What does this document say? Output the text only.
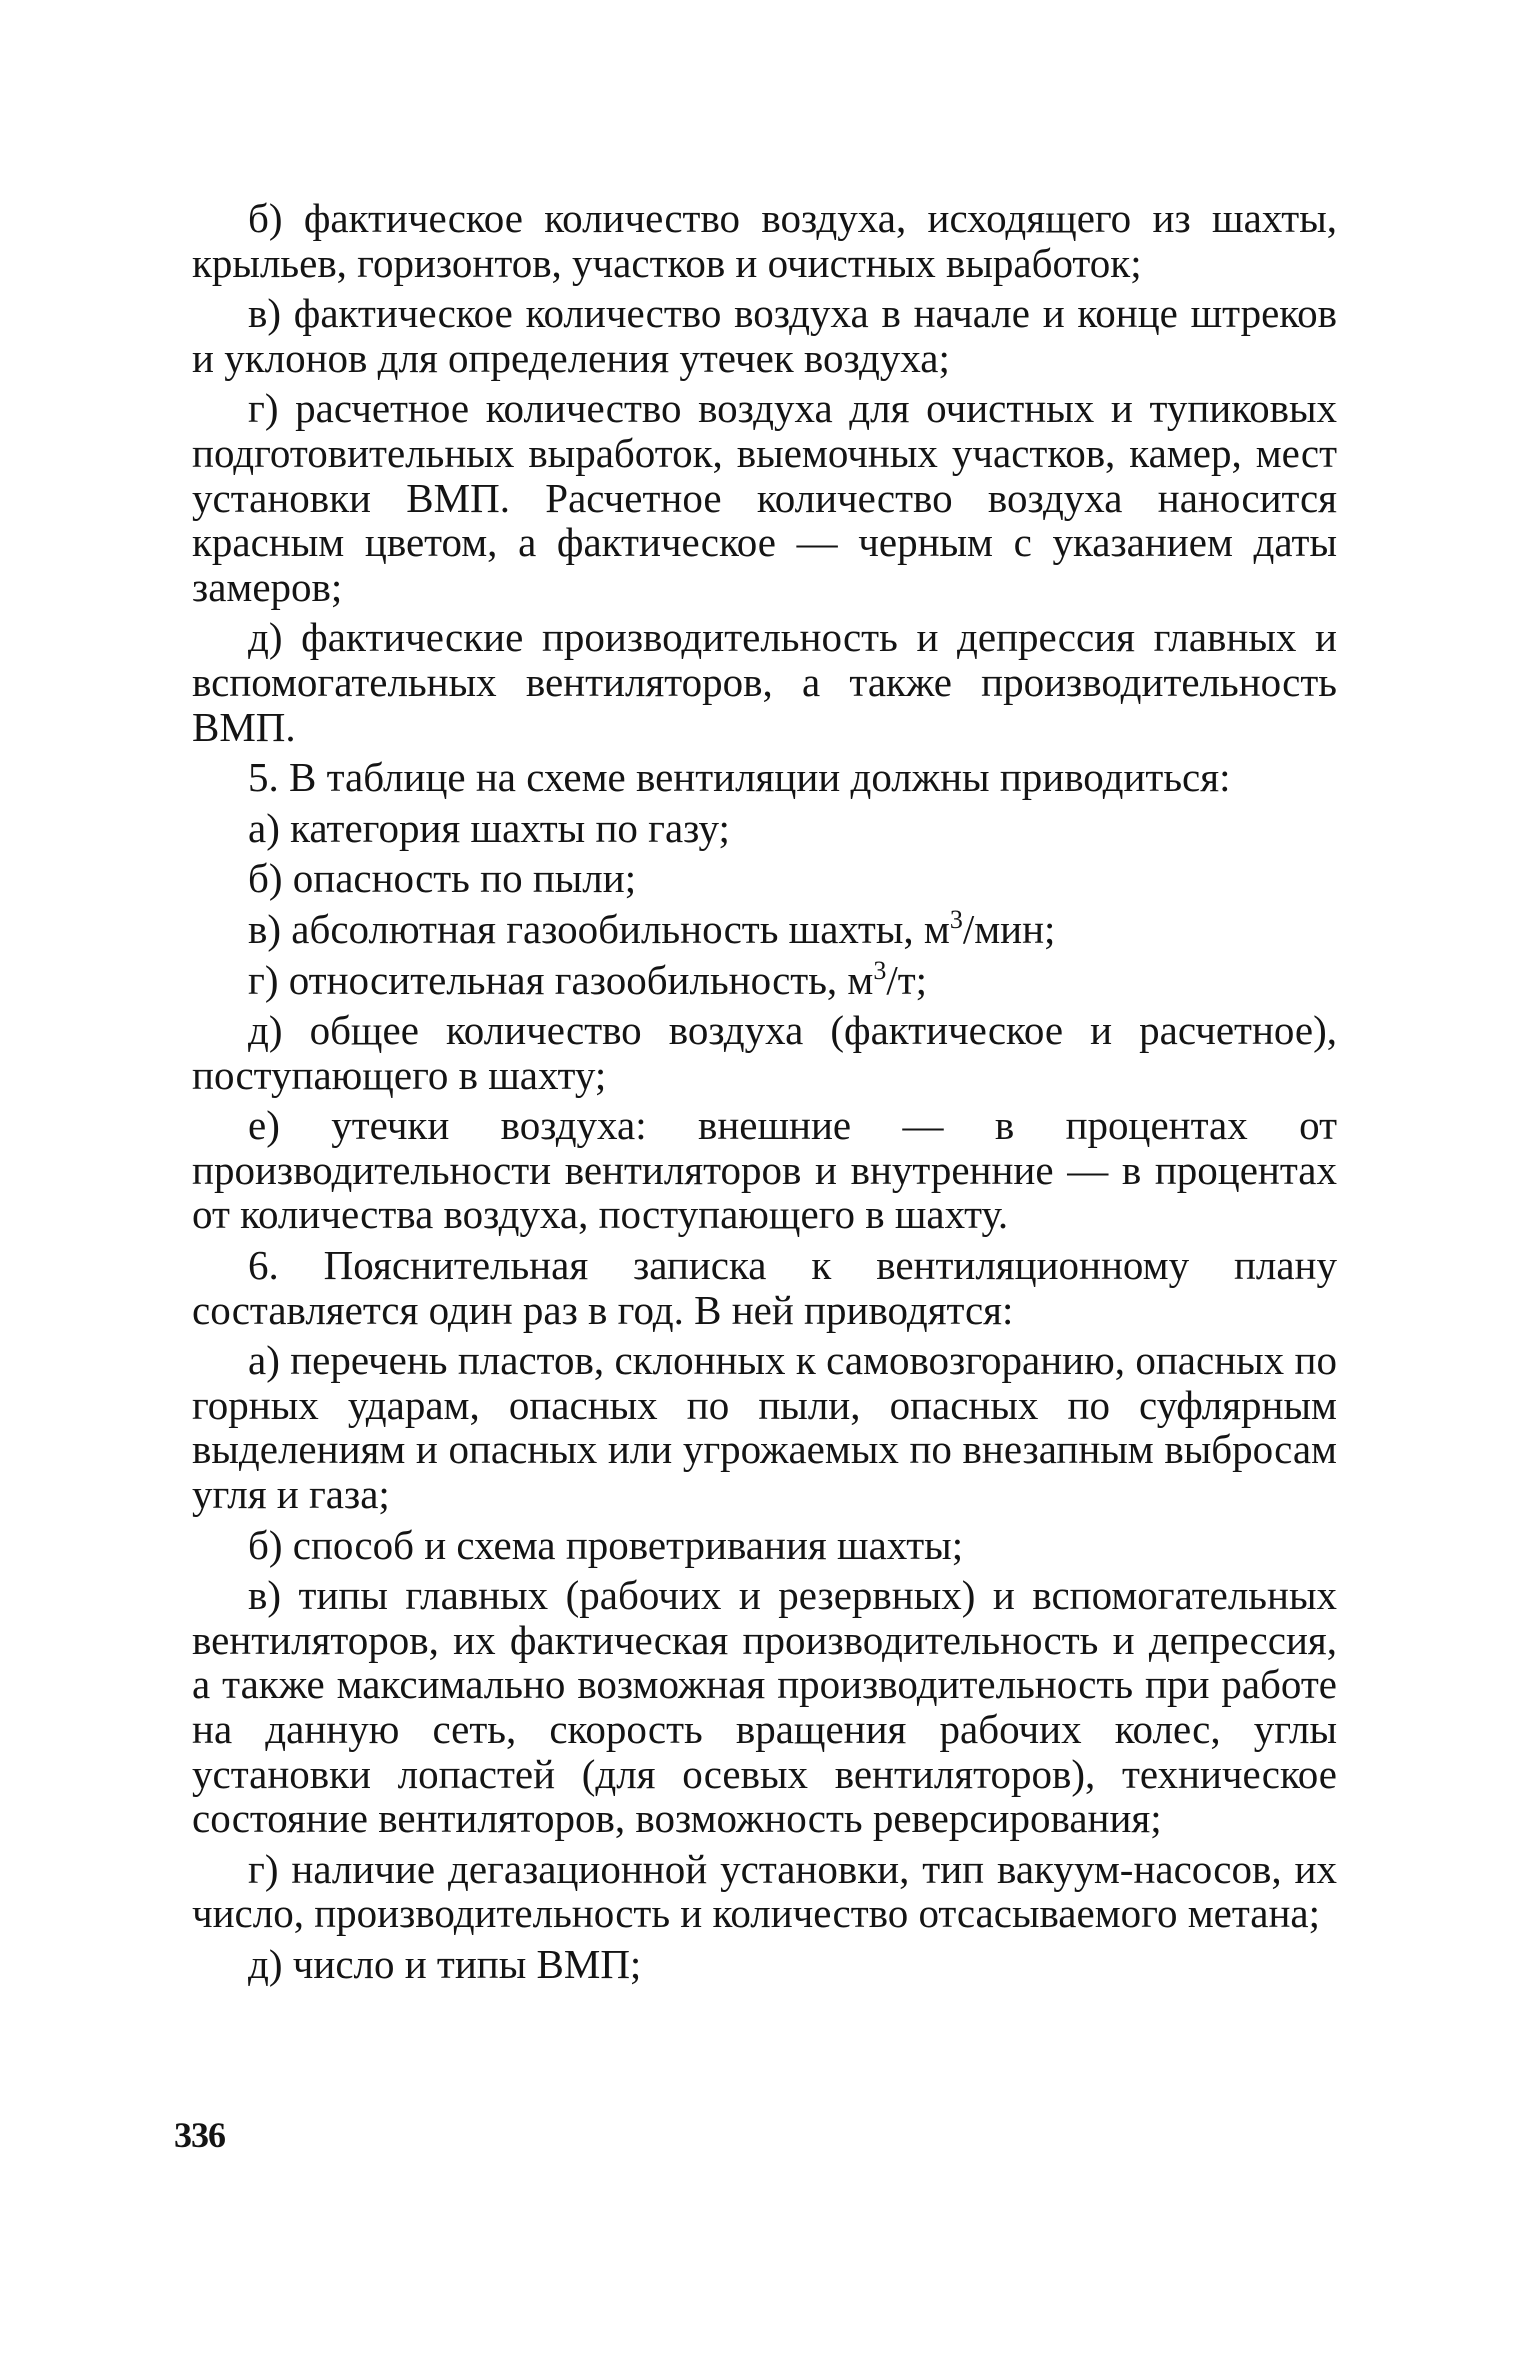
б) фактическое количество воздуха, исходящего из шахты, крыльев, горизонтов, участков и очистных выработок;

в) фактическое количество воздуха в начале и конце штреков и уклонов для определения утечек воздуха;

г) расчетное количество воздуха для очистных и тупиковых подготовительных выработок, выемочных участков, камер, мест установки ВМП. Расчетное количество воздуха наносится красным цветом, а фактическое — черным с указанием даты замеров;

д) фактические производительность и депрессия главных и вспомогательных вентиляторов, а также производительность ВМП.

5. В таблице на схеме вентиляции должны приводиться:

а) категория шахты по газу;

б) опасность по пыли;

в) абсолютная газообильность шахты, $м^3$/мин;

г) относительная газообильность, $м^3/т$;

д) общее количество воздуха (фактическое и расчетное), поступающего в шахту;

е) утечки воздуха: внешние — в процентах от производительности вентиляторов и внутренние — в процентах от количества воздуха, поступающего в шахту.

6. Пояснительная записка к вентиляционному плану составляется один раз в год. В ней приводятся:

а) перечень пластов, склонных к самовозгоранию, опасных по горных ударам, опасных по пыли, опасных по суфлярным выделениям и опасных или угрожаемых по внезапным выбросам угля и газа;

б) способ и схема проветривания шахты;

в) типы главных (рабочих и резервных) и вспомогательных вентиляторов, их фактическая производительность и депрессия, а также максимально возможная производительность при работе на данную сеть, скорость вращения рабочих колес, углы установки лопастей (для осевых вентиляторов), техническое состояние вентиляторов, возможность реверсирования;

г) наличие дегазационной установки, тип вакуум-насосов, их число, производительность и количество отсасываемого метана;

д) число и типы ВМП;

336
